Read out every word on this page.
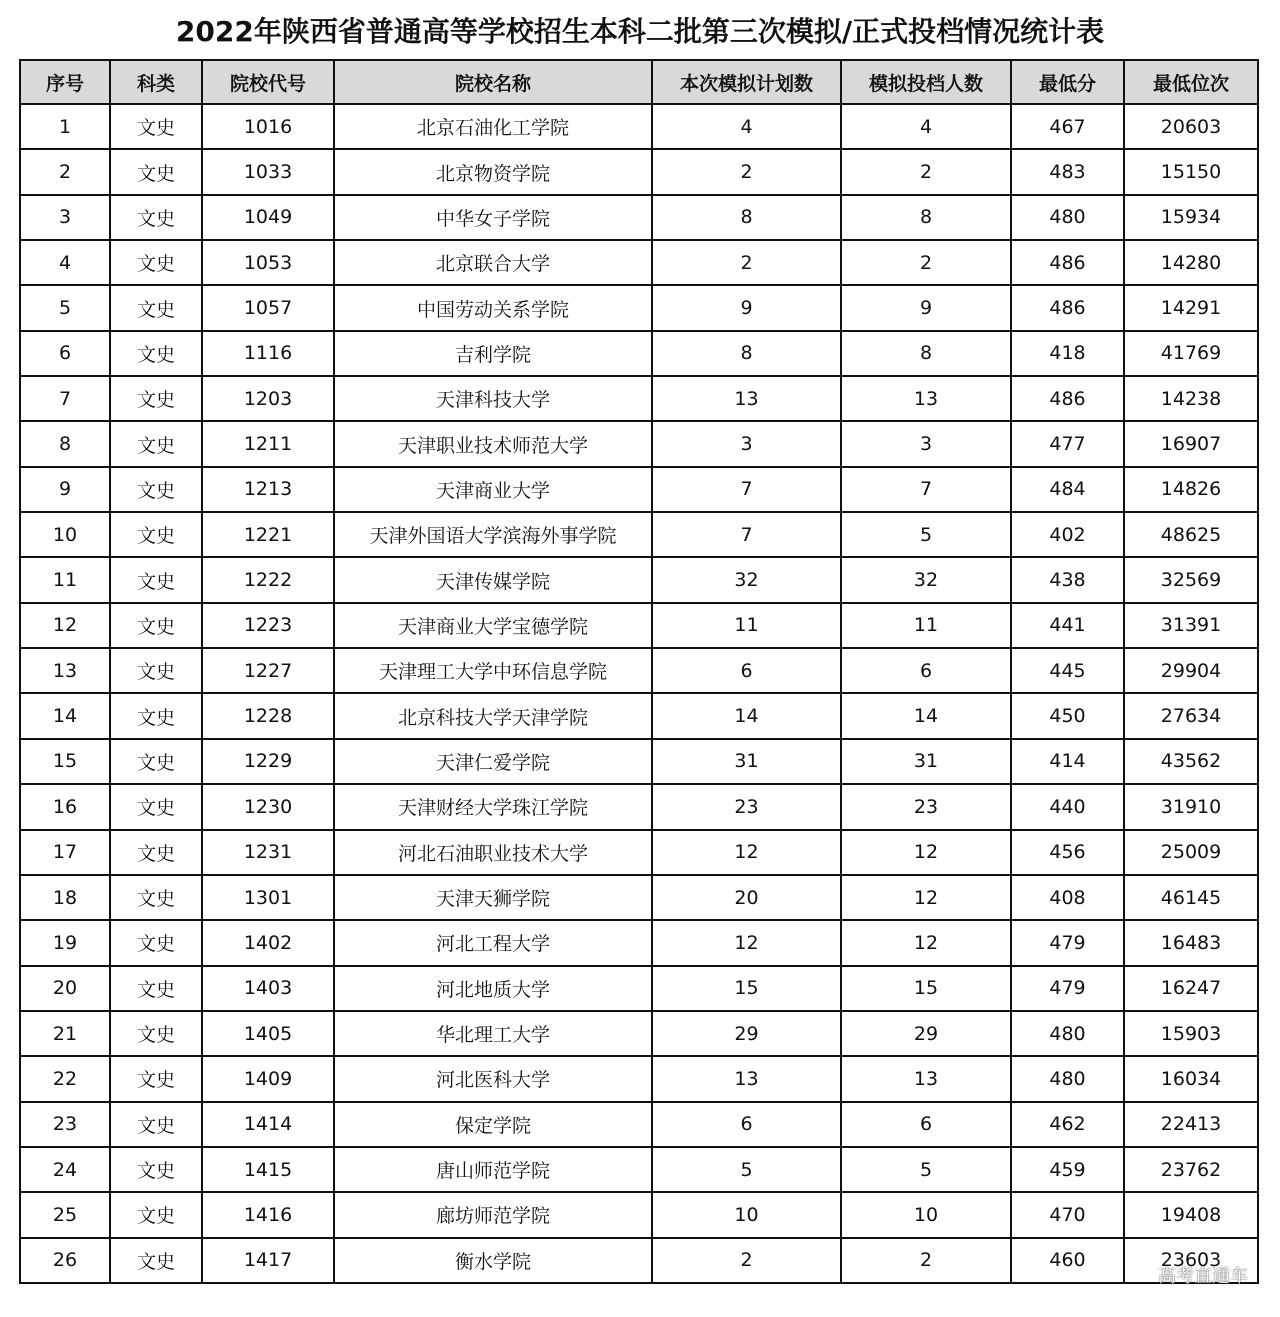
2022年陕西省普通高等学校招生本科二批第三次模拟/正式投档情况统计表
序号	科类	院校代号	院校名称	本次模拟计划数	模拟投档人数	最低分	最低位次
1	文史	1016	北京石油化工学院	4	4	467	20603
2	文史	1033	北京物资学院	2	2	483	15150
3	文史	1049	中华女子学院	8	8	480	15934
4	文史	1053	北京联合大学	2	2	486	14280
5	文史	1057	中国劳动关系学院	9	9	486	14291
6	文史	1116	吉利学院	8	8	418	41769
7	文史	1203	天津科技大学	13	13	486	14238
8	文史	1211	天津职业技术师范大学	3	3	477	16907
9	文史	1213	天津商业大学	7	7	484	14826
10	文史	1221	天津外国语大学滨海外事学院	7	5	402	48625
11	文史	1222	天津传媒学院	32	32	438	32569
12	文史	1223	天津商业大学宝德学院	11	11	441	31391
13	文史	1227	天津理工大学中环信息学院	6	6	445	29904
14	文史	1228	北京科技大学天津学院	14	14	450	27634
15	文史	1229	天津仁爱学院	31	31	414	43562
16	文史	1230	天津财经大学珠江学院	23	23	440	31910
17	文史	1231	河北石油职业技术大学	12	12	456	25009
18	文史	1301	天津天狮学院	20	12	408	46145
19	文史	1402	河北工程大学	12	12	479	16483
20	文史	1403	河北地质大学	15	15	479	16247
21	文史	1405	华北理工大学	29	29	480	15903
22	文史	1409	河北医科大学	13	13	480	16034
23	文史	1414	保定学院	6	6	462	22413
24	文史	1415	唐山师范学院	5	5	459	23762
25	文史	1416	廊坊师范学院	10	10	470	19408
26	文史	1417	衡水学院	2	2	460	23603
高考直通车
